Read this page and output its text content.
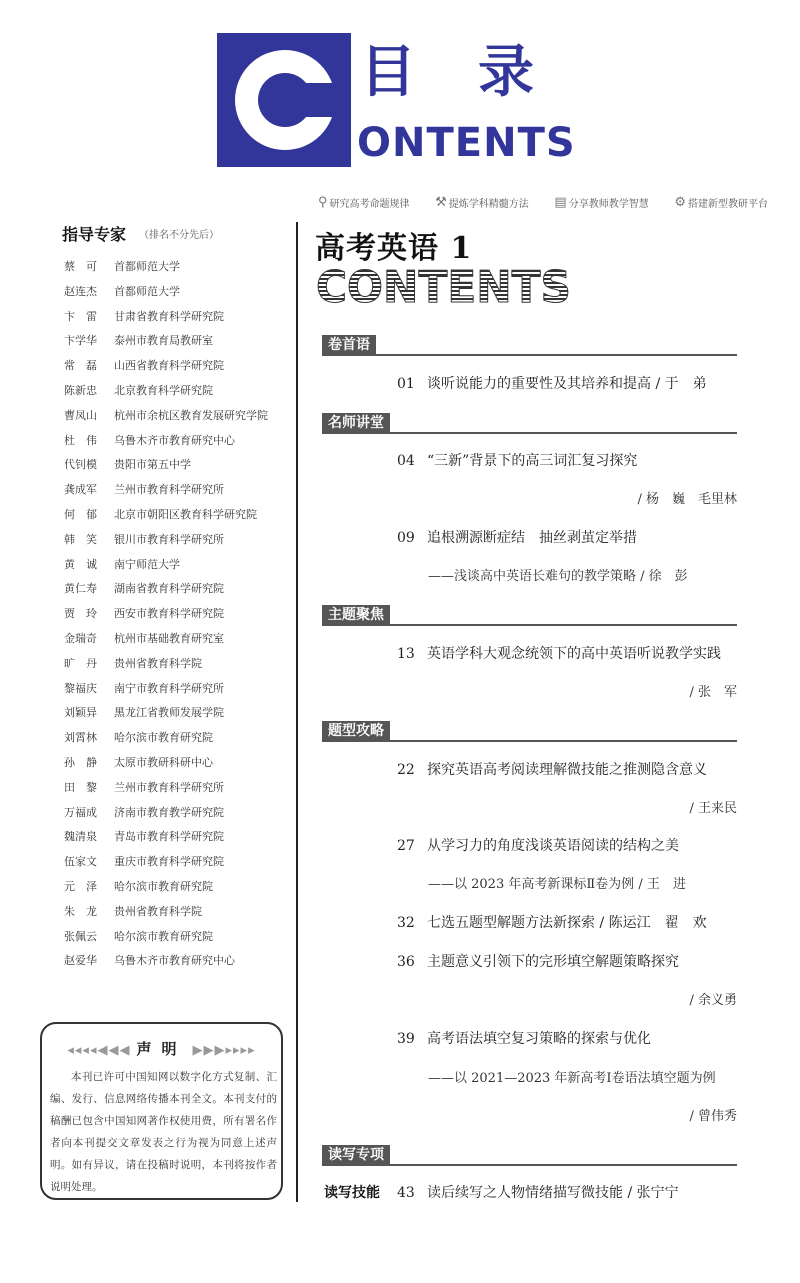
目录
ONTENTS
⚲ 研究高考命题规律 ⚒ 提炼学科精髓方法 ▤ 分享教师教学智慧 ⚙ 搭建新型教研平台
指导专家 （排名不分先后）
蔡　可	首都师范大学
赵连杰	首都师范大学
卞　雷	甘肃省教育科学研究院
卞学华	泰州市教育局教研室
常　磊	山西省教育科学研究院
陈新忠	北京教育科学研究院
曹凤山	杭州市余杭区教育发展研究学院
杜　伟	乌鲁木齐市教育研究中心
代钊模	贵阳市第五中学
龚成军	兰州市教育科学研究所
何　郁	北京市朝阳区教育科学研究院
韩　笑	银川市教育科学研究所
黄　诚	南宁师范大学
黄仁寿	湖南省教育科学研究院
贾　玲	西安市教育科学研究院
金瑞奇	杭州市基础教育研究室
旷　丹	贵州省教育科学院
黎福庆	南宁市教育科学研究所
刘颖异	黑龙江省教师发展学院
刘霄林	哈尔滨市教育研究院
孙　静	太原市教研科研中心
田　黎	兰州市教育科学研究所
万福成	济南市教育教学研究院
魏清泉	青岛市教育科学研究院
伍家文	重庆市教育科学研究院
元　泽	哈尔滨市教育研究院
朱　龙	贵州省教育科学院
张佩云	哈尔滨市教育研究院
赵爱华	乌鲁木齐市教育研究中心
◂◂◂◂◀◀◀ 声明 ▶▶▶▸▸▸▸
本刊已许可中国知网以数字化方式复制、汇编、发行、信息网络传播本刊全文。本刊支付的稿酬已包含中国知网著作权使用费，所有署名作者向本刊提交文章发表之行为视为同意上述声明。如有异议，请在投稿时说明，本刊将按作者说明处理。
高考英语 1
CONTENTS
卷首语
01 谈听说能力的重要性及其培养和提高 / 于　弟
名师讲堂
04 “三新”背景下的高三词汇复习探究
/ 杨　巍　毛里林
09 追根溯源断症结　抽丝剥茧定举措
——浅谈高中英语长难句的教学策略 / 徐　彭
主题聚焦
13 英语学科大观念统领下的高中英语听说教学实践
/ 张　军
题型攻略
22 探究英语高考阅读理解微技能之推测隐含意义
/ 王来民
27 从学习力的角度浅谈英语阅读的结构之美
——以 2023 年高考新课标Ⅱ卷为例 / 王　进
32 七选五题型解题方法新探索 / 陈运江　翟　欢
36 主题意义引领下的完形填空解题策略探究
/ 余义勇
39 高考语法填空复习策略的探索与优化
——以 2021—2023 年新高考Ⅰ卷语法填空题为例
/ 曾伟秀
读写专项
读写技能 43 读后续写之人物情绪描写微技能 / 张宁宁
